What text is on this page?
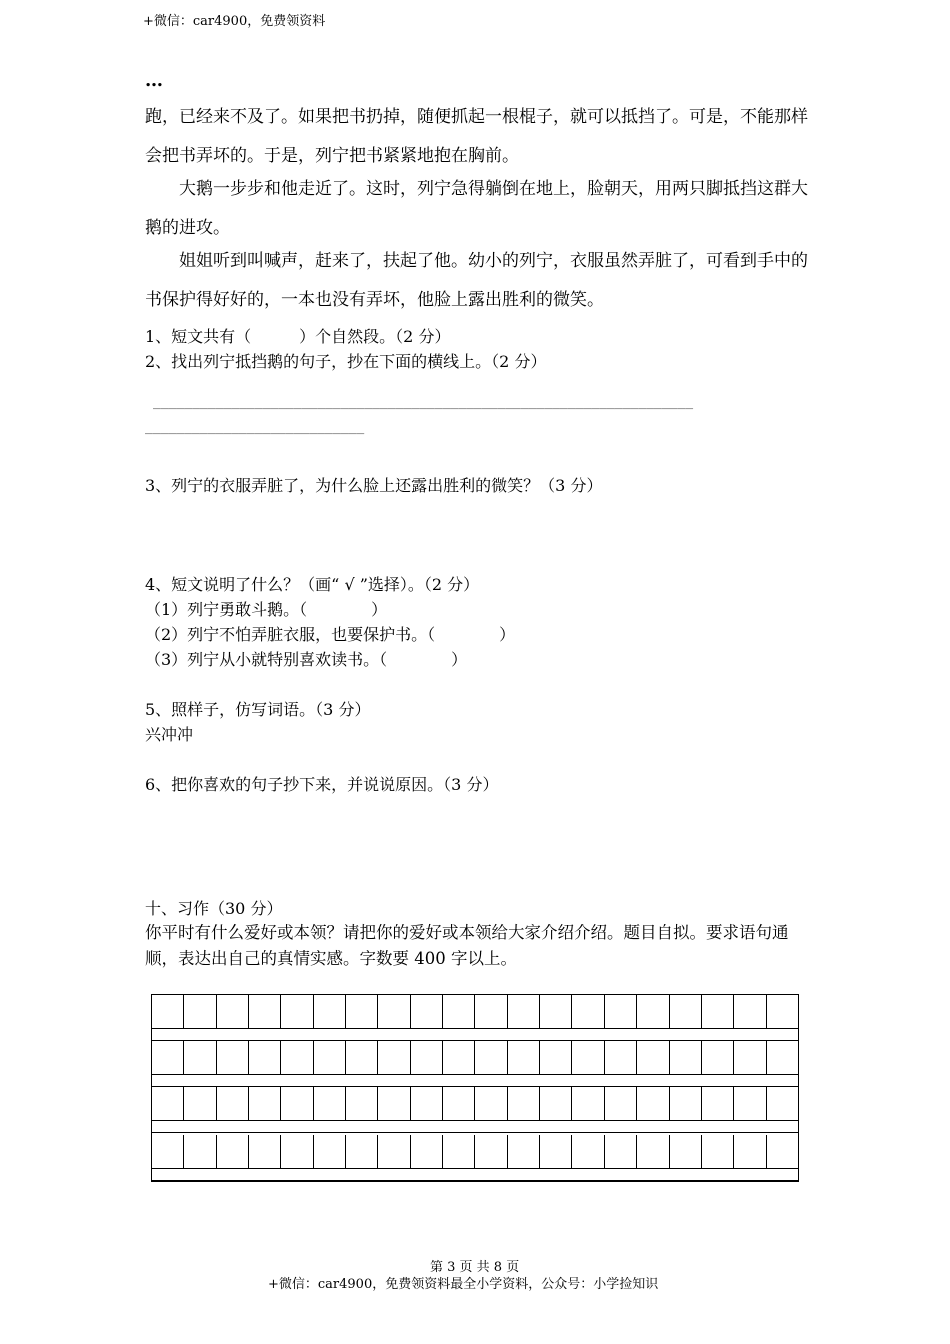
+微信：car4900，免费领资料
…
跑，已经来不及了。如果把书扔掉，随便抓起一根棍子，就可以抵挡了。可是，不能那样会把书弄坏的。于是，列宁把书紧紧地抱在胸前。
大鹅一步步和他走近了。这时，列宁急得躺倒在地上，脸朝天，用两只脚抵挡这群大鹅的进攻。
姐姐听到叫喊声，赶来了，扶起了他。幼小的列宁，衣服虽然弄脏了，可看到手中的书保护得好好的，一本也没有弄坏，他脸上露出胜利的微笑。
1、短文共有（　　　）个自然段。（2 分）
2、找出列宁抵挡鹅的句子，抄在下面的横线上。（2 分）
_____________________________________________________________________
____________________________
3、列宁的衣服弄脏了，为什么脸上还露出胜利的微笑？（3 分）
4、短文说明了什么？（画“ √ ”选择）。（2 分）
（1）列宁勇敢斗鹅。（　　　　）
（2）列宁不怕弄脏衣服，也要保护书。（　　　　）
（3）列宁从小就特别喜欢读书。（　　　　）
5、照样子，仿写词语。（3 分）
兴冲冲
6、把你喜欢的句子抄下来，并说说原因。（3 分）
十、习作（30 分）
你平时有什么爱好或本领？请把你的爱好或本领给大家介绍介绍。题目自拟。要求语句通顺，表达出自己的真情实感。字数要 400 字以上。
第 3 页 共 8 页
+微信：car4900，免费领资料最全小学资料，公众号：小学捡知识
